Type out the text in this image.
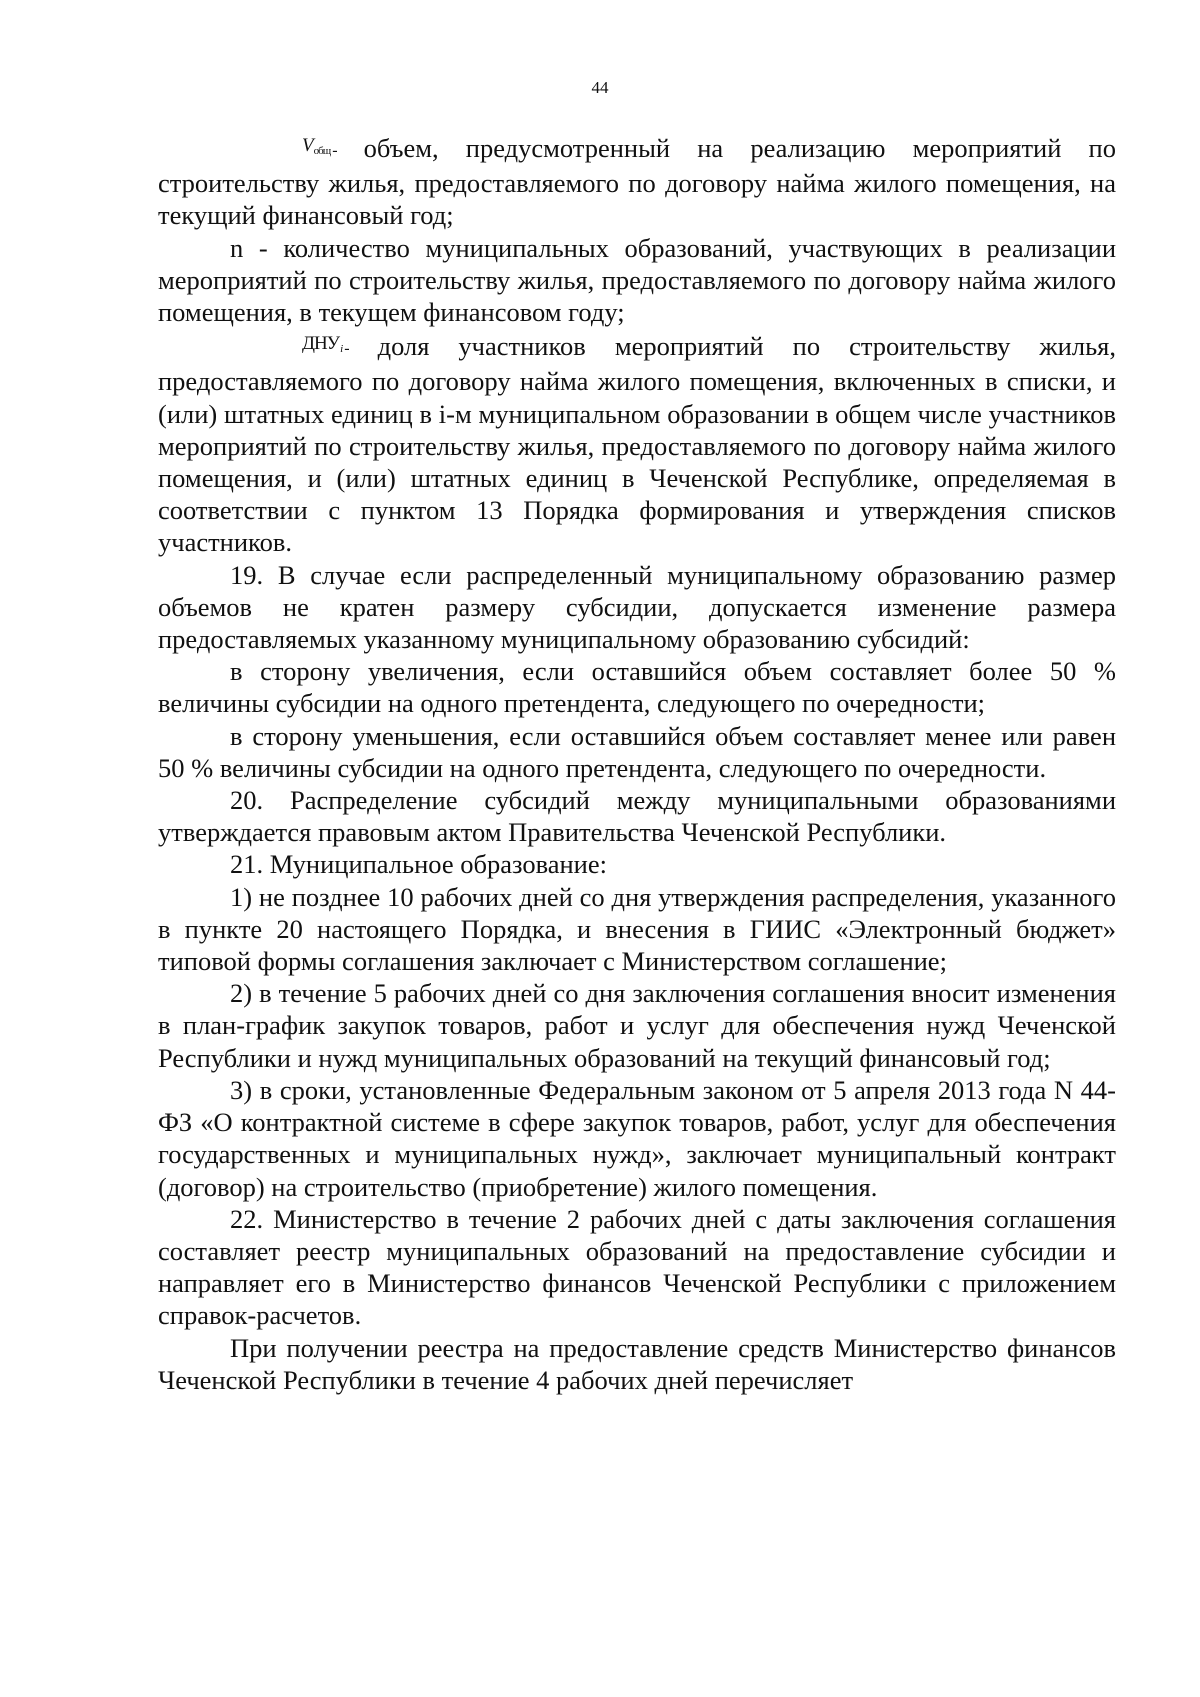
44

$V_{общ}$ $_-$ объем, предусмотренный на реализацию мероприятий по строительству жилья, предоставляемого по договору найма жилого помещения, на текущий финансовый год;

n - количество муниципальных образований, участвующих в реализации мероприятий по строительству жилья, предоставляемого по договору найма жилого помещения, в текущем финансовом году;

$ДНУ_i$ $_-$ доля участников мероприятий по строительству жилья, предоставляемого по договору найма жилого помещения, включенных в списки, и (или) штатных единиц в i-м муниципальном образовании в общем числе участников мероприятий по строительству жилья, предоставляемого по договору найма жилого помещения, и (или) штатных единиц в Чеченской Республике, определяемая в соответствии с пунктом 13 Порядка формирования и утверждения списков участников.

19. В случае если распределенный муниципальному образованию размер объемов не кратен размеру субсидии, допускается изменение размера предоставляемых указанному муниципальному образованию субсидий:

в сторону увеличения, если оставшийся объем составляет более 50 % величины субсидии на одного претендента, следующего по очередности;

в сторону уменьшения, если оставшийся объем составляет менее или равен 50 % величины субсидии на одного претендента, следующего по очередности.

20. Распределение субсидий между муниципальными образованиями утверждается правовым актом Правительства Чеченской Республики.

21. Муниципальное образование:

1) не позднее 10 рабочих дней со дня утверждения распределения, указанного в пункте 20 настоящего Порядка, и внесения в ГИИС «Электронный бюджет» типовой формы соглашения заключает с Министерством соглашение;

2) в течение 5 рабочих дней со дня заключения соглашения вносит изменения в план-график закупок товаров, работ и услуг для обеспечения нужд Чеченской Республики и нужд муниципальных образований на текущий финансовый год;

3) в сроки, установленные Федеральным законом от 5 апреля 2013 года N 44-ФЗ «О контрактной системе в сфере закупок товаров, работ, услуг для обеспечения государственных и муниципальных нужд», заключает муниципальный контракт (договор) на строительство (приобретение) жилого помещения.

22. Министерство в течение 2 рабочих дней с даты заключения соглашения составляет реестр муниципальных образований на предоставление субсидии и направляет его в Министерство финансов Чеченской Республики с приложением справок-расчетов.

При получении реестра на предоставление средств Министерство финансов Чеченской Республики в течение 4 рабочих дней перечисляет
